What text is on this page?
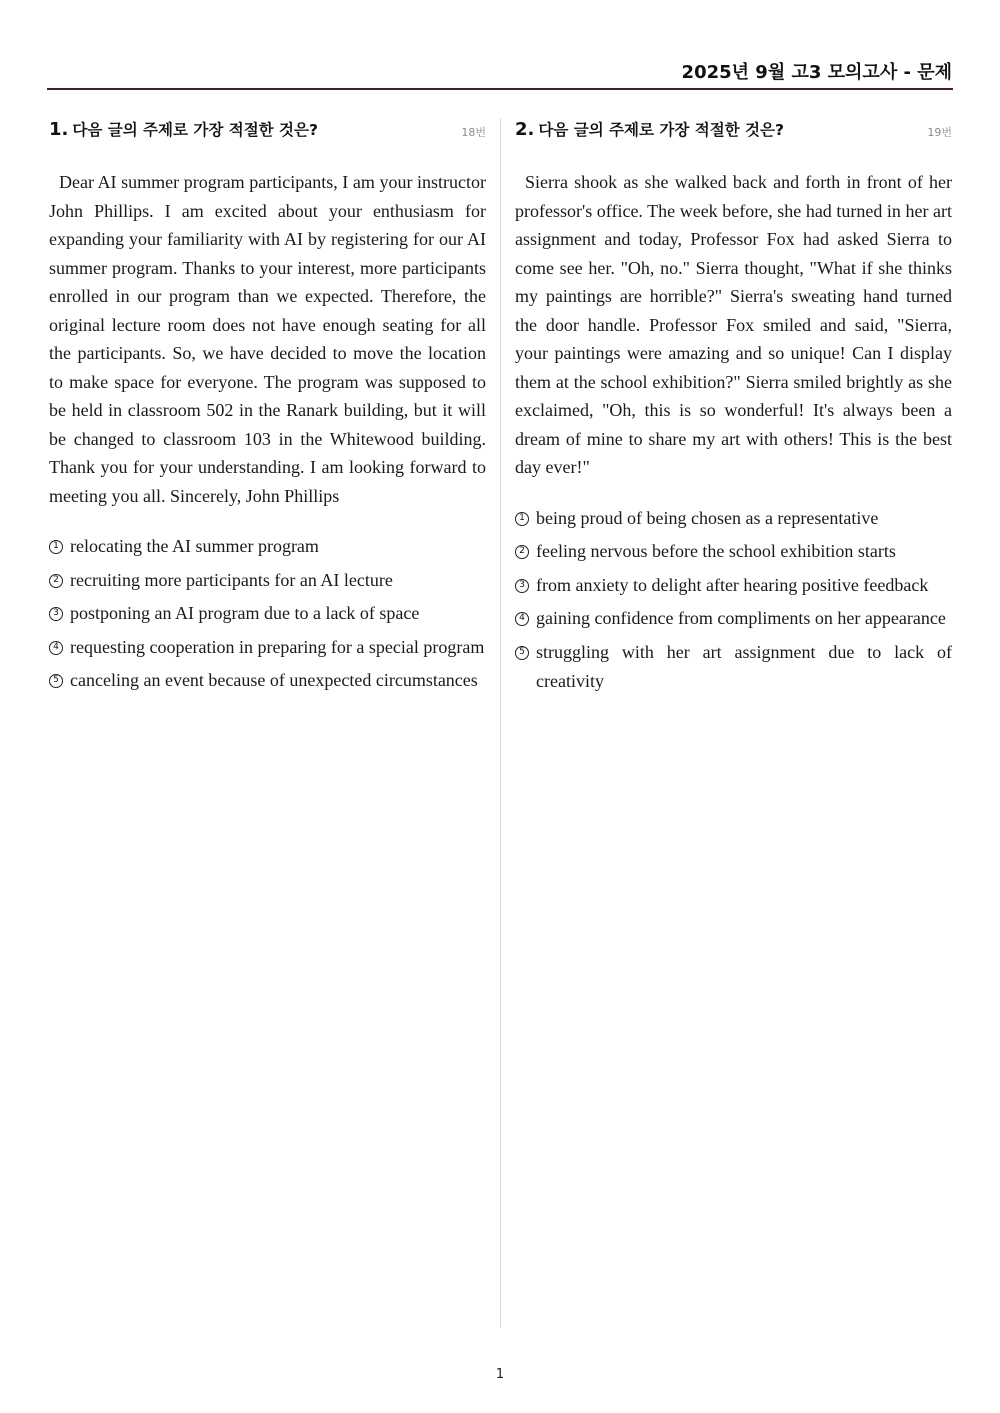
2025년 9월 고3 모의고사 - 문제
1. 다음 글의 주제로 가장 적절한 것은?	18번

Dear AI summer program participants, I am your instructor John Phillips. I am excited about your enthusiasm for expanding your familiarity with AI by registering for our AI summer program. Thanks to your interest, more participants enrolled in our program than we expected. Therefore, the original lecture room does not have enough seating for all the participants. So, we have decided to move the location to make space for everyone. The program was supposed to be held in classroom 502 in the Ranark building, but it will be changed to classroom 103 in the Whitewood building. Thank you for your understanding. I am looking forward to meeting you all. Sincerely, John Phillips

1 relocating the AI summer program
2 recruiting more participants for an AI lecture
3 postponing an AI program due to a lack of space
4 requesting cooperation in preparing for a special program
5 canceling an event because of unexpected circumstances
2. 다음 글의 주제로 가장 적절한 것은?	19번

Sierra shook as she walked back and forth in front of her professor's office. The week before, she had turned in her art assignment and today, Professor Fox had asked Sierra to come see her. "Oh, no." Sierra thought, "What if she thinks my paintings are horrible?" Sierra's sweating hand turned the door handle. Professor Fox smiled and said, "Sierra, your paintings were amazing and so unique! Can I display them at the school exhibition?" Sierra smiled brightly as she exclaimed, "Oh, this is so wonderful! It's always been a dream of mine to share my art with others! This is the best day ever!"

1 being proud of being chosen as a representative
2 feeling nervous before the school exhibition starts
3 from anxiety to delight after hearing positive feedback
4 gaining confidence from compliments on her appearance
5 struggling with her art assignment due to lack of creativity
1
